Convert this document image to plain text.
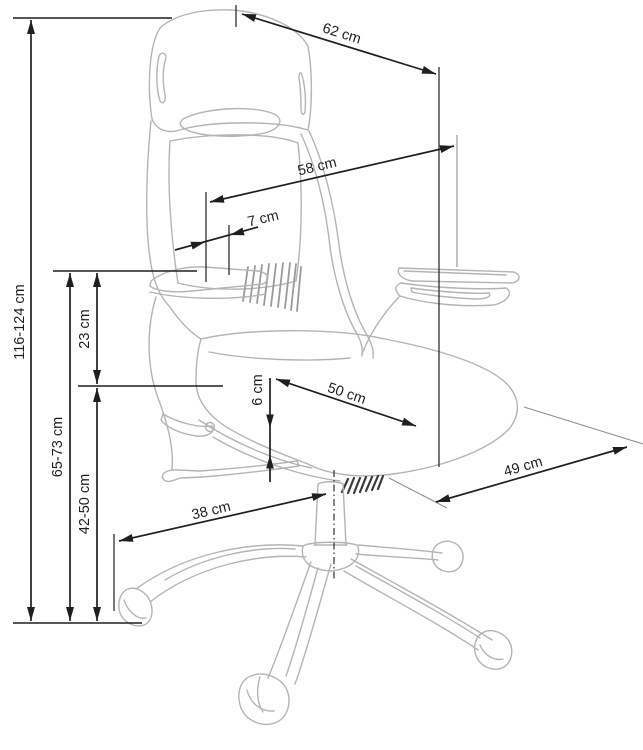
116-124 cm
65-73 cm
42-50 cm
23 cm
62 cm
58 cm
7 cm
6 cm	50 cm
49 cm
38 cm
